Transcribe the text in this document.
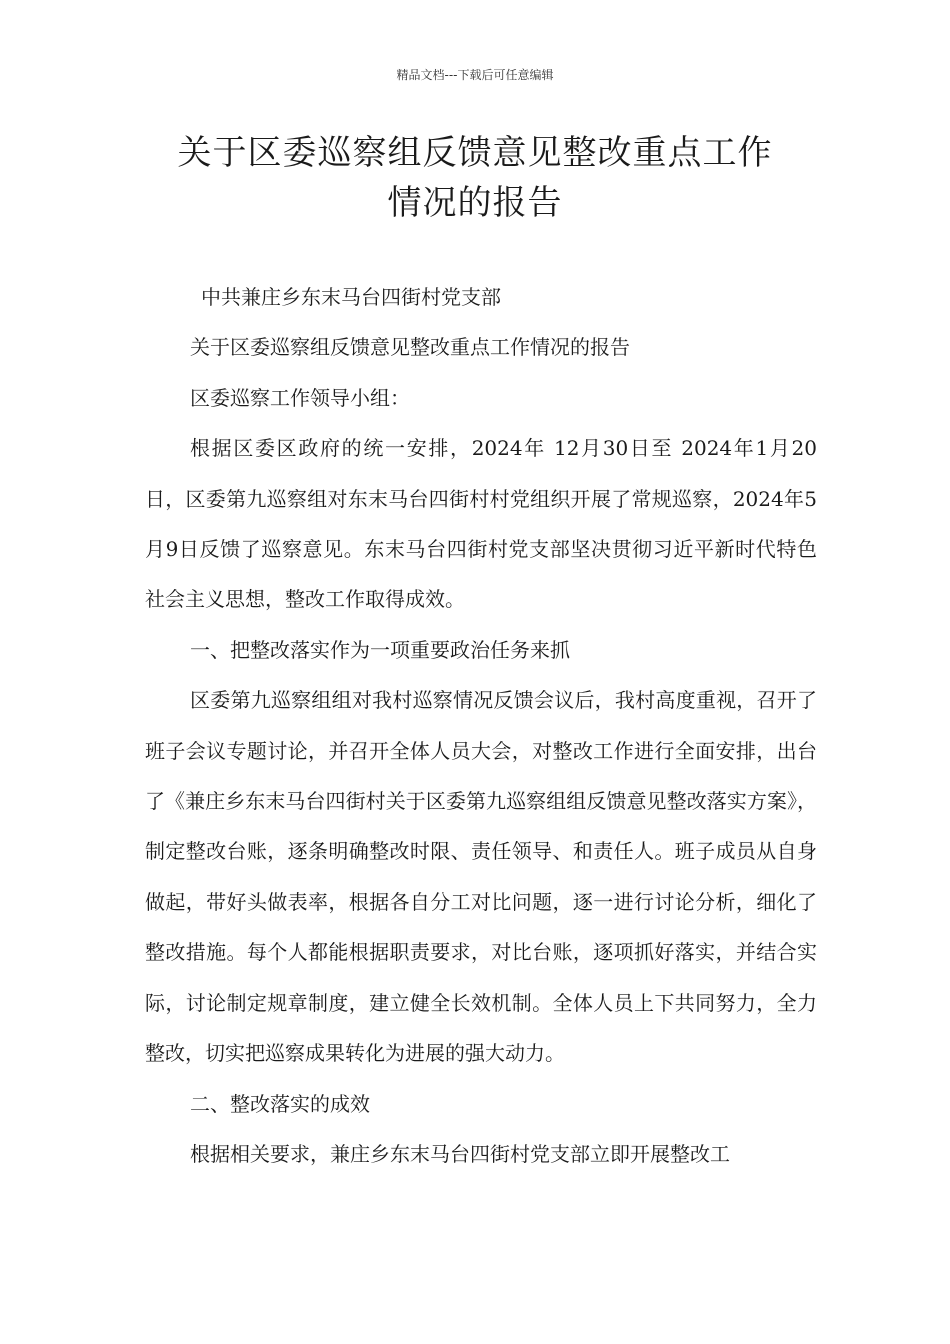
精品文档---下载后可任意编辑
关于区委巡察组反馈意见整改重点工作
情况的报告

中共兼庄乡东末马台四街村党支部

关于区委巡察组反馈意见整改重点工作情况的报告

区委巡察工作领导小组：

根据区委区政府的统一安排，2024年 12月30日至 2024年1月20 日，区委第九巡察组对东末马台四街村村党组织开展了常规巡察，2024年5月9日反馈了巡察意见。东末马台四街村党支部坚决贯彻习近平新时代特色社会主义思想，整改工作取得成效。

一、把整改落实作为一项重要政治任务来抓

区委第九巡察组组对我村巡察情况反馈会议后，我村高度重视，召开了班子会议专题讨论，并召开全体人员大会，对整改工作进行全面安排，出台了《兼庄乡东末马台四街村关于区委第九巡察组组反馈意见整改落实方案》，制定整改台账，逐条明确整改时限、责任领导、和责任人。班子成员从自身做起，带好头做表率，根据各自分工对比问题，逐一进行讨论分析，细化了整改措施。每个人都能根据职责要求，对比台账，逐项抓好落实，并结合实际，讨论制定规章制度，建立健全长效机制。全体人员上下共同努力，全力整改，切实把巡察成果转化为进展的强大动力。

二、整改落实的成效

根据相关要求，兼庄乡东末马台四街村党支部立即开展整改工
